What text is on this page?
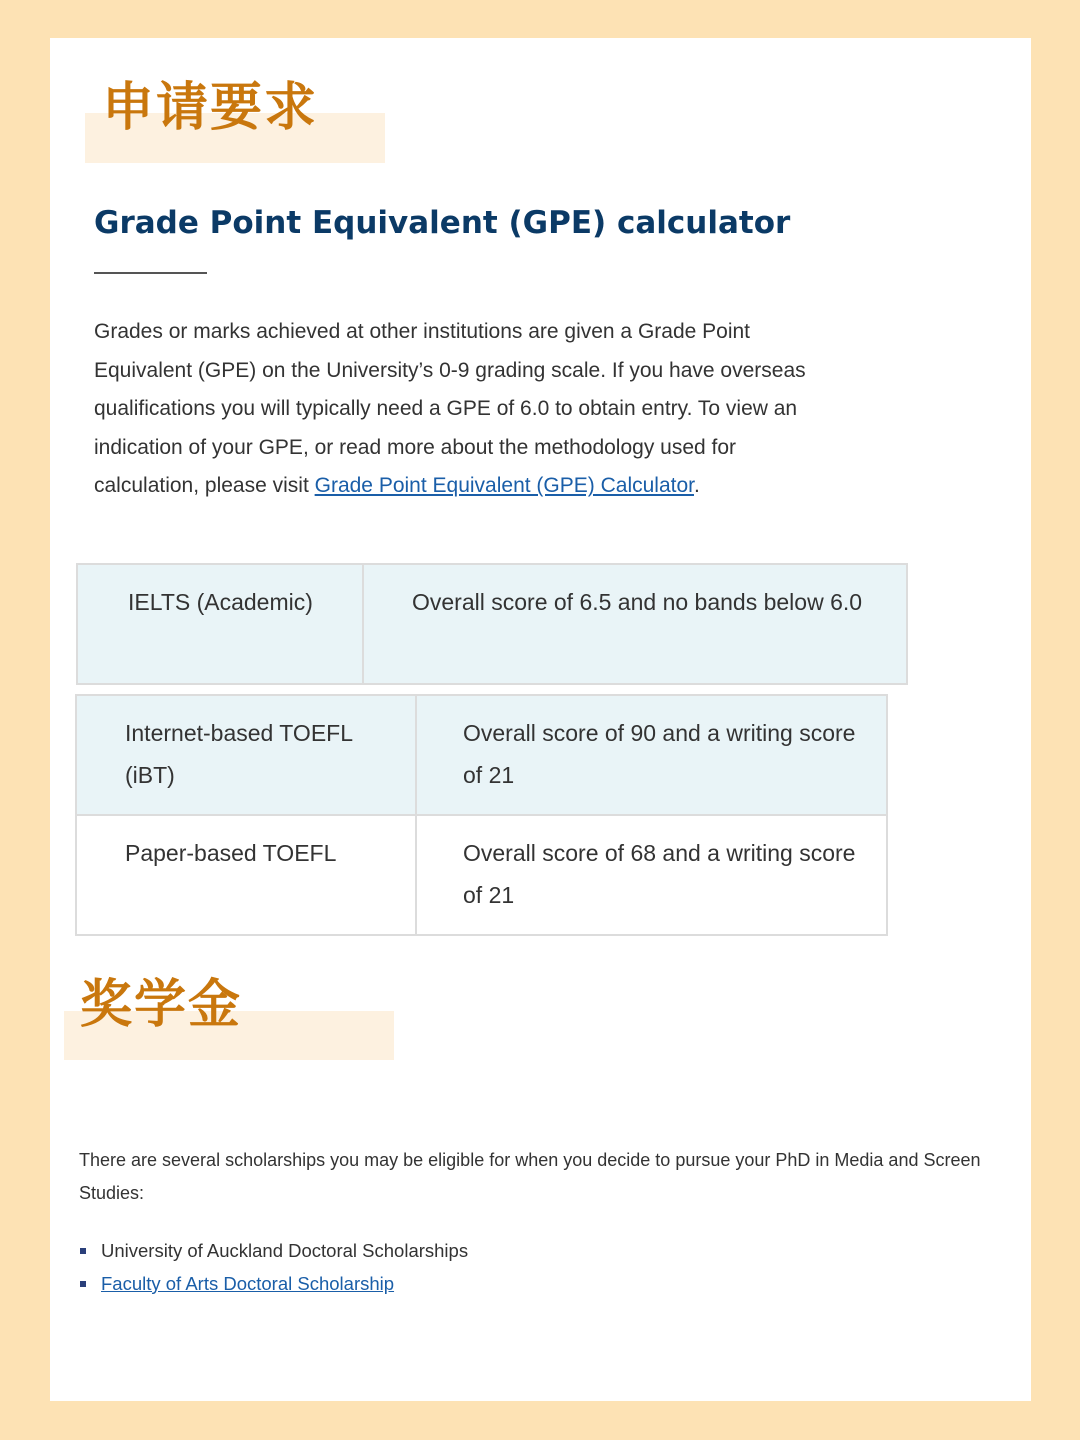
申请要求
Grade Point Equivalent (GPE) calculator

Grades or marks achieved at other institutions are given a Grade Point Equivalent (GPE) on the University’s 0-9 grading scale. If you have overseas qualifications you will typically need a GPE of 6.0 to obtain entry. To view an indication of your GPE, or read more about the methodology used for calculation, please visit Grade Point Equivalent (GPE) Calculator.

IELTS (Academic)	Overall score of 6.5 and no bands below 6.0
Internet-based TOEFL (iBT)	Overall score of 90 and a writing score of 21
Paper-based TOEFL	Overall score of 68 and a writing score of 21
奖学金

There are several scholarships you may be eligible for when you decide to pursue your PhD in Media and Screen Studies:

University of Auckland Doctoral Scholarships
Faculty of Arts Doctoral Scholarship
